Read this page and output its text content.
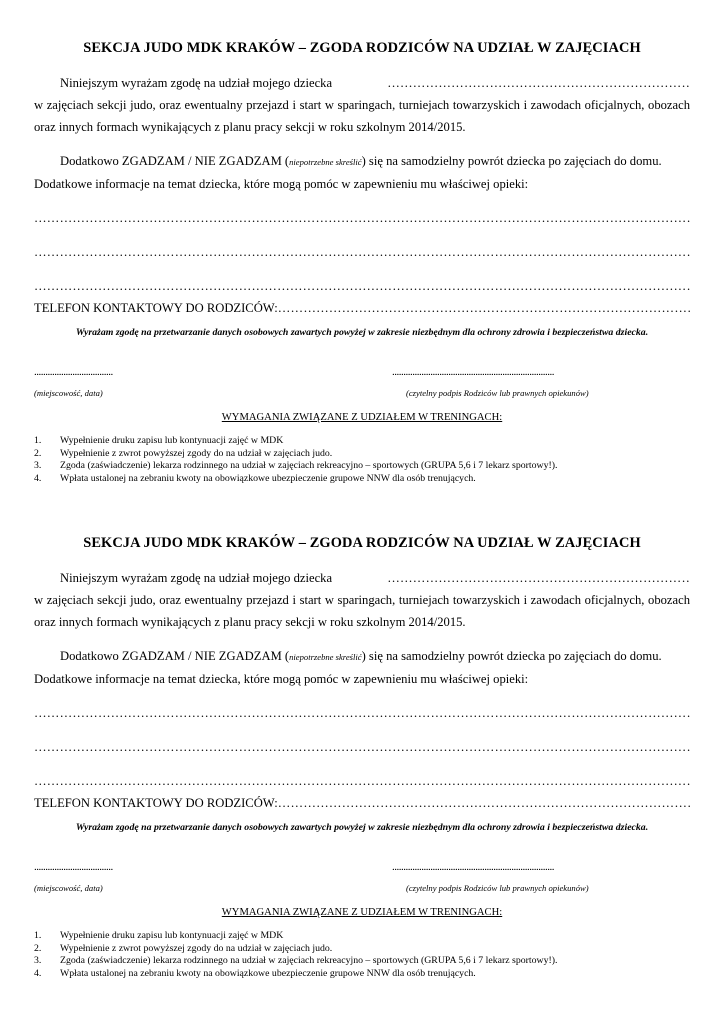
SEKCJA JUDO MDK KRAKÓW – ZGODA RODZICÓW NA UDZIAŁ W ZAJĘCIACH
Niniejszym wyrażam zgodę na udział mojego dziecka

…………………………………………………………………………………………………………………………………………………………………

w zajęciach sekcji judo, oraz ewentualny przejazd i start w sparingach, turniejach towarzyskich i zawodach oficjalnych, obozach oraz innych formach wynikających z planu pracy sekcji w roku szkolnym 2014/2015.

Dodatkowo ZGADZAM / NIE ZGADZAM (niepotrzebne skreślić) się na samodzielny powrót dziecka po zajęciach do domu.

Dodatkowe informacje na temat dziecka, które mogą pomóc w zapewnieniu mu właściwej opieki:

…………………………………………………………………………………………………………………………………………………………………
…………………………………………………………………………………………………………………………………………………………………
…………………………………………………………………………………………………………………………………………………………………
TELEFON KONTAKTOWY DO RODZICÓW:
…………………………………………………………………………………………………………………………………………………………………

Wyrażam zgodę na przetwarzanie danych osobowych zawartych powyżej w zakresie niezbędnym dla ochrony zdrowia i bezpieczeństwa dziecka.

...................................	........................................................................
(miejscowość, data)	(czytelny podpis Rodziców lub prawnych opiekunów)

WYMAGANIA ZWIĄZANE Z UDZIAŁEM W TRENINGACH:

1.	Wypełnienie druku zapisu lub kontynuacji zajęć w MDK
2.	Wypełnienie z zwrot powyższej zgody do na udział w zajęciach judo.
3.	Zgoda (zaświadczenie) lekarza rodzinnego na udział w zajęciach rekreacyjno – sportowych (GRUPA 5,6 i 7 lekarz sportowy!).
4.	Wpłata ustalonej na zebraniu kwoty na obowiązkowe ubezpieczenie grupowe NNW dla osób trenujących.
SEKCJA JUDO MDK KRAKÓW – ZGODA RODZICÓW NA UDZIAŁ W ZAJĘCIACH
Niniejszym wyrażam zgodę na udział mojego dziecka

…………………………………………………………………………………………………………………………………………………………………

w zajęciach sekcji judo, oraz ewentualny przejazd i start w sparingach, turniejach towarzyskich i zawodach oficjalnych, obozach oraz innych formach wynikających z planu pracy sekcji w roku szkolnym 2014/2015.

Dodatkowo ZGADZAM / NIE ZGADZAM (niepotrzebne skreślić) się na samodzielny powrót dziecka po zajęciach do domu.

Dodatkowe informacje na temat dziecka, które mogą pomóc w zapewnieniu mu właściwej opieki:

…………………………………………………………………………………………………………………………………………………………………
…………………………………………………………………………………………………………………………………………………………………
…………………………………………………………………………………………………………………………………………………………………
TELEFON KONTAKTOWY DO RODZICÓW:
…………………………………………………………………………………………………………………………………………………………………

Wyrażam zgodę na przetwarzanie danych osobowych zawartych powyżej w zakresie niezbędnym dla ochrony zdrowia i bezpieczeństwa dziecka.

...................................	........................................................................
(miejscowość, data)	(czytelny podpis Rodziców lub prawnych opiekunów)

WYMAGANIA ZWIĄZANE Z UDZIAŁEM W TRENINGACH:

1.	Wypełnienie druku zapisu lub kontynuacji zajęć w MDK
2.	Wypełnienie z zwrot powyższej zgody do na udział w zajęciach judo.
3.	Zgoda (zaświadczenie) lekarza rodzinnego na udział w zajęciach rekreacyjno – sportowych (GRUPA 5,6 i 7 lekarz sportowy!).
4.	Wpłata ustalonej na zebraniu kwoty na obowiązkowe ubezpieczenie grupowe NNW dla osób trenujących.
